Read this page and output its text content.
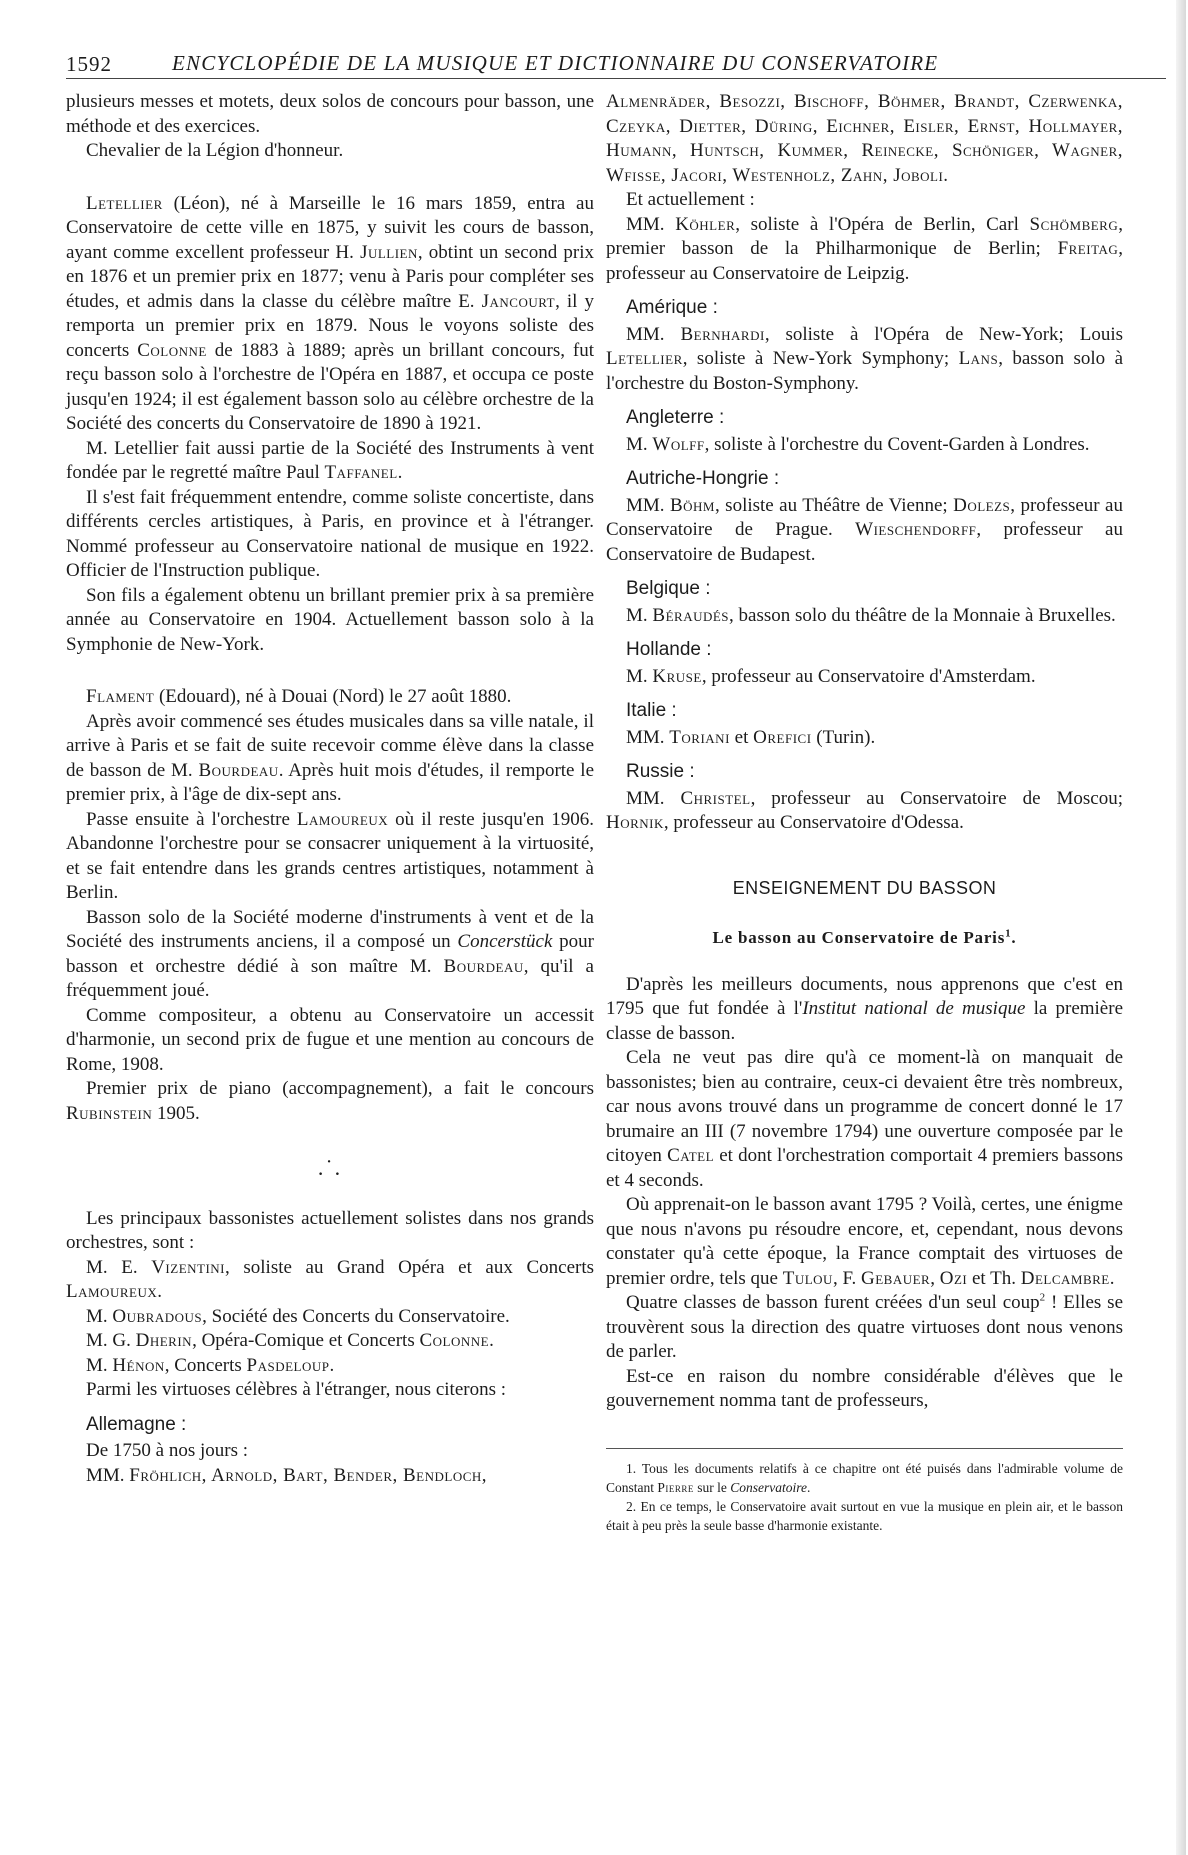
1592	ENCYCLOPÉDIE DE LA MUSIQUE ET DICTIONNAIRE DU CONSERVATOIRE

plusieurs messes et motets, deux solos de concours pour basson, une méthode et des exercices.

Chevalier de la Légion d'honneur.

Letellier (Léon), né à Marseille le 16 mars 1859, entra au Conservatoire de cette ville en 1875, y suivit les cours de basson, ayant comme excellent professeur H. Jullien, obtint un second prix en 1876 et un premier prix en 1877; venu à Paris pour compléter ses études, et admis dans la classe du célèbre maître E. Jancourt, il y remporta un premier prix en 1879. Nous le voyons soliste des concerts Colonne de 1883 à 1889; après un brillant concours, fut reçu basson solo à l'orchestre de l'Opéra en 1887, et occupa ce poste jusqu'en 1924; il est également basson solo au célèbre orchestre de la Société des concerts du Conservatoire de 1890 à 1921.

M. Letellier fait aussi partie de la Société des Instruments à vent fondée par le regretté maître Paul Taffanel.

Il s'est fait fréquemment entendre, comme soliste concertiste, dans différents cercles artistiques, à Paris, en province et à l'étranger. Nommé professeur au Conservatoire national de musique en 1922. Officier de l'Instruction publique.

Son fils a également obtenu un brillant premier prix à sa première année au Conservatoire en 1904. Actuellement basson solo à la Symphonie de New-York.

Flament (Edouard), né à Douai (Nord) le 27 août 1880.

Après avoir commencé ses études musicales dans sa ville natale, il arrive à Paris et se fait de suite recevoir comme élève dans la classe de basson de M. Bourdeau. Après huit mois d'études, il remporte le premier prix, à l'âge de dix-sept ans.

Passe ensuite à l'orchestre Lamoureux où il reste jusqu'en 1906. Abandonne l'orchestre pour se consacrer uniquement à la virtuosité, et se fait entendre dans les grands centres artistiques, notamment à Berlin.

Basson solo de la Société moderne d'instruments à vent et de la Société des instruments anciens, il a composé un Concerstück pour basson et orchestre dédié à son maître M. Bourdeau, qu'il a fréquemment joué.

Comme compositeur, a obtenu au Conservatoire un accessit d'harmonie, un second prix de fugue et une mention au concours de Rome, 1908.

Premier prix de piano (accompagnement), a fait le concours Rubinstein 1905.

.˙.

Les principaux bassonistes actuellement solistes dans nos grands orchestres, sont :

M. E. Vizentini, soliste au Grand Opéra et aux Concerts Lamoureux.

M. Oubradous, Société des Concerts du Conservatoire.

M. G. Dherin, Opéra-Comique et Concerts Colonne.

M. Hénon, Concerts Pasdeloup.

Parmi les virtuoses célèbres à l'étranger, nous citerons :

Allemagne :

De 1750 à nos jours :

MM. Fröhlich, Arnold, Bart, Bender, Bendloch,

Almenräder, Besozzi, Bischoff, Böhmer, Brandt, Czerwenka, Czeyka, Dietter, Düring, Eichner, Eisler, Ernst, Hollmayer, Humann, Huntsch, Kummer, Reinecke, Schöniger, Wagner, Wfisse, Jacori, Westenholz, Zahn, Joboli.

Et actuellement :

MM. Köhler, soliste à l'Opéra de Berlin, Carl Schömberg, premier basson de la Philharmonique de Berlin; Freitag, professeur au Conservatoire de Leipzig.

Amérique :

MM. Bernhardi, soliste à l'Opéra de New-York; Louis Letellier, soliste à New-York Symphony; Lans, basson solo à l'orchestre du Boston-Symphony.

Angleterre :

M. Wolff, soliste à l'orchestre du Covent-Garden à Londres.

Autriche-Hongrie :

MM. Böhm, soliste au Théâtre de Vienne; Dolezs, professeur au Conservatoire de Prague. Wieschendorff, professeur au Conservatoire de Budapest.

Belgique :

M. Béraudés, basson solo du théâtre de la Monnaie à Bruxelles.

Hollande :

M. Kruse, professeur au Conservatoire d'Amsterdam.

Italie :

MM. Toriani et Orefici (Turin).

Russie :

MM. Christel, professeur au Conservatoire de Moscou; Hornik, professeur au Conservatoire d'Odessa.

ENSEIGNEMENT DU BASSON
Le basson au Conservatoire de Paris$^1$.

D'après les meilleurs documents, nous apprenons que c'est en 1795 que fut fondée à l'Institut national de musique la première classe de basson.

Cela ne veut pas dire qu'à ce moment-là on manquait de bassonistes; bien au contraire, ceux-ci devaient être très nombreux, car nous avons trouvé dans un programme de concert donné le 17 brumaire an III (7 novembre 1794) une ouverture composée par le citoyen Catel et dont l'orchestration comportait 4 premiers bassons et 4 seconds.

Où apprenait-on le basson avant 1795 ? Voilà, certes, une énigme que nous n'avons pu résoudre encore, et, cependant, nous devons constater qu'à cette époque, la France comptait des virtuoses de premier ordre, tels que Tulou, F. Gebauer, Ozi et Th. Delcambre.

Quatre classes de basson furent créées d'un seul coup$^2$ ! Elles se trouvèrent sous la direction des quatre virtuoses dont nous venons de parler.

Est-ce en raison du nombre considérable d'élèves que le gouvernement nomma tant de professeurs,

1. Tous les documents relatifs à ce chapitre ont été puisés dans l'admirable volume de Constant Pierre sur le Conservatoire.

2. En ce temps, le Conservatoire avait surtout en vue la musique en plein air, et le basson était à peu près la seule basse d'harmonie existante.
